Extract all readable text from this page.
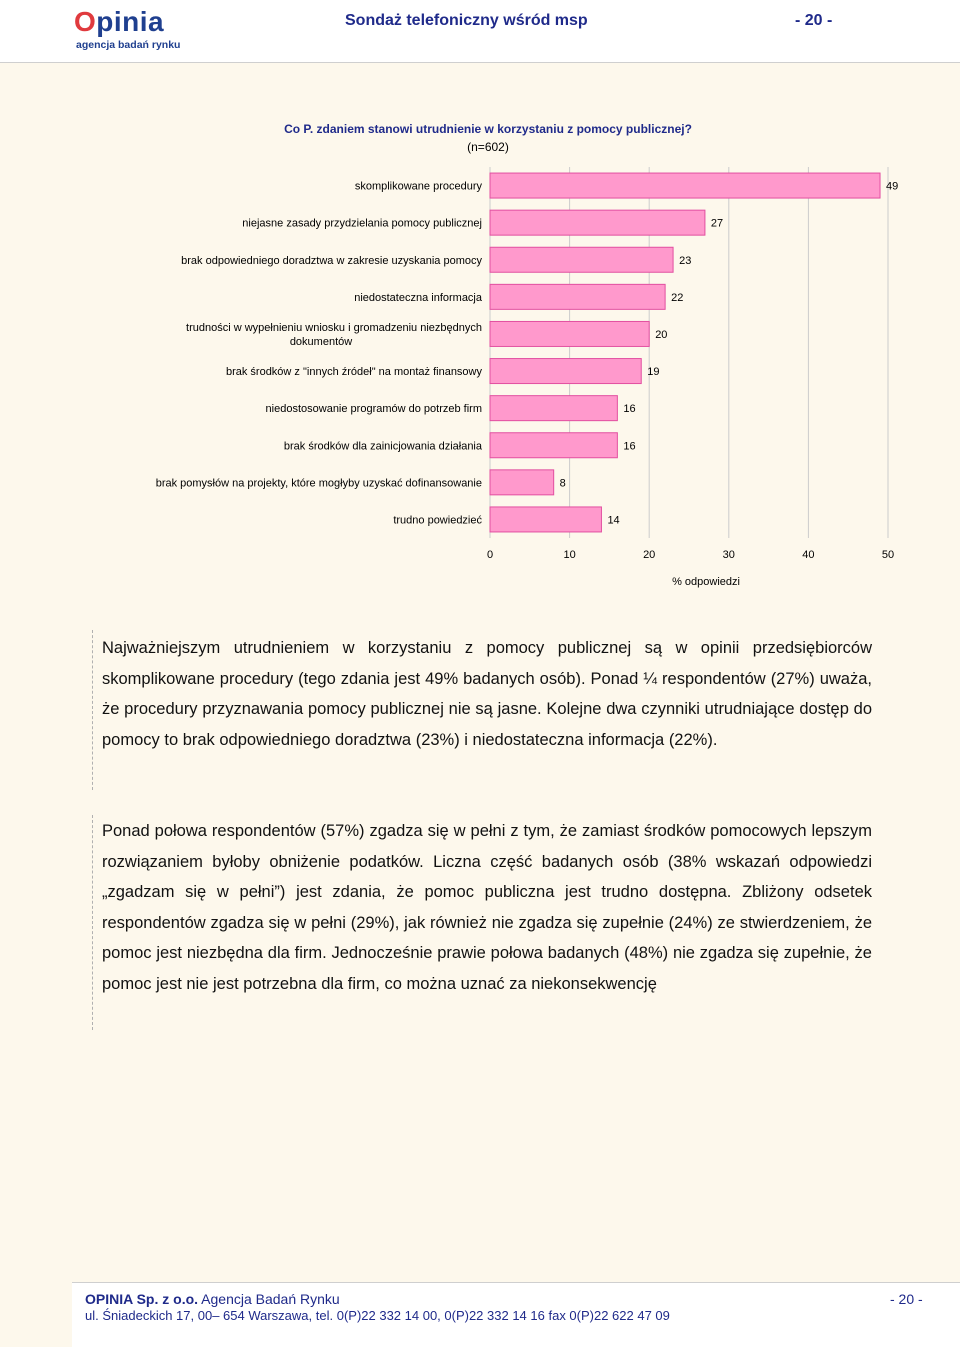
Opinia
agencja badań rynku
Sondaż telefoniczny wśród msp	- 20 -
Co P. zdaniem stanowi utrudnienie w korzystaniu z pomocy publicznej?
(n=602)
skomplikowane procedury
niejasne zasady przydzielania pomocy publicznej
brak odpowiedniego doradztwa w zakresie uzyskania pomocy
niedostateczna informacja
trudności w wypełnieniu wniosku i gromadzeniu niezbędnych dokumentów
brak środków z "innych źródeł" na montaż finansowy
niedostosowanie programów do potrzeb firm
brak środków dla zainicjowania działania
brak pomysłów na projekty, które mogłyby uzyskać dofinansowanie
trudno powiedzieć
49
27
23
22
20
19
16
16
8
14
0	10	20	30	40	50
% odpowiedzi
Najważniejszym utrudnieniem w korzystaniu z pomocy publicznej są w opinii przedsiębiorców skomplikowane procedury (tego zdania jest 49% badanych osób). Ponad ¼ respondentów (27%) uważa, że procedury przyznawania pomocy publicznej nie są jasne. Kolejne dwa czynniki utrudniające dostęp do pomocy to brak odpowiedniego doradztwa (23%) i niedostateczna informacja (22%).
Ponad połowa respondentów (57%) zgadza się w pełni z tym, że zamiast środków pomocowych lepszym rozwiązaniem byłoby obniżenie podatków. Liczna część badanych osób (38% wskazań odpowiedzi „zgadzam się w pełni”) jest zdania, że pomoc publiczna jest trudno dostępna. Zbliżony odsetek respondentów zgadza się w pełni (29%), jak również nie zgadza się zupełnie (24%) ze stwierdzeniem, że pomoc jest niezbędna dla firm. Jednocześnie prawie połowa badanych (48%) nie zgadza się zupełnie, że pomoc jest nie jest potrzebna dla firm, co można uznać za niekonsekwencję
OPINIA Sp. z o.o. Agencja Badań Rynku
ul. Śniadeckich 17, 00– 654 Warszawa, tel. 0(P)22 332 14 00, 0(P)22 332 14 16 fax 0(P)22 622 47 09
- 20 -
